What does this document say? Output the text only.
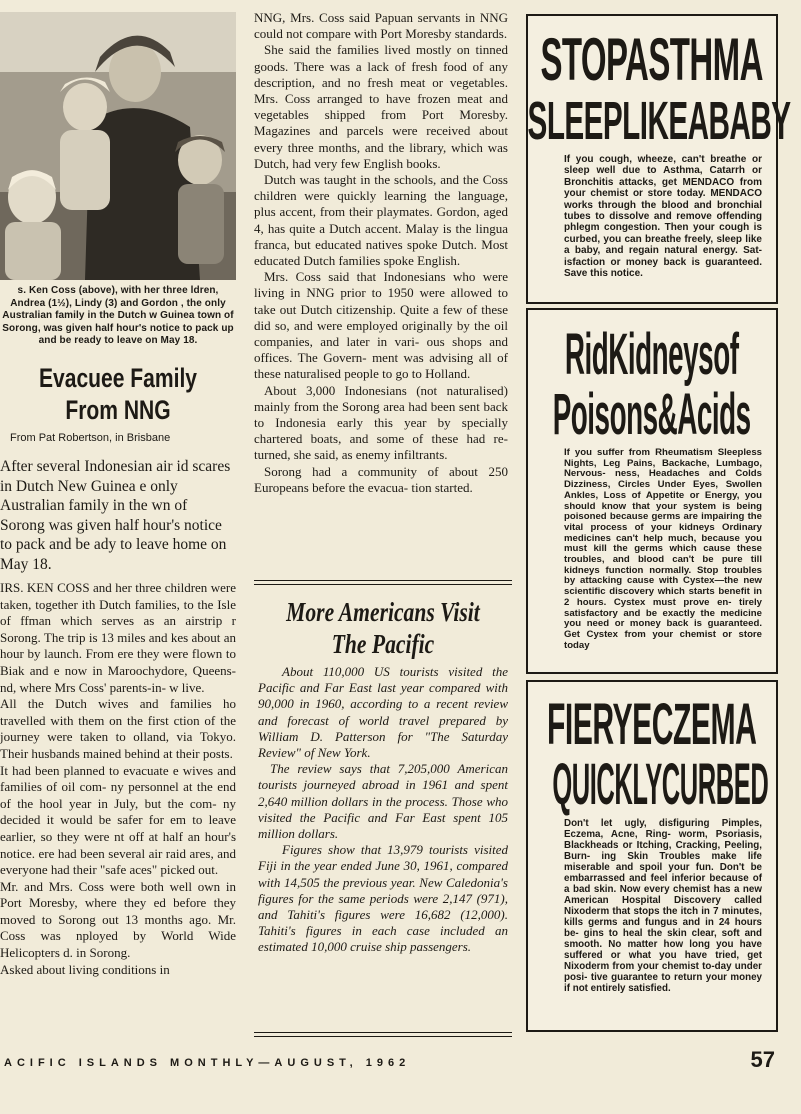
s. Ken Coss (above), with her three ldren, Andrea (1½), Lindy (3) and Gordon , the only Australian family in the Dutch w Guinea town of Sorong, was given half hour's notice to pack up and be ready to leave on May 18.
Evacuee Family
From NNG
From Pat Robertson, in Brisbane

After several Indonesian air id scares in Dutch New Guinea e only Australian family in the wn of Sorong was given half hour's notice to pack and be ady to leave home on May 18.

IRS. KEN COSS and her three children were taken, together ith Dutch families, to the Isle of ffman which serves as an airstrip r Sorong. The trip is 13 miles and kes about an hour by launch. From ere they were flown to Biak and e now in Maroochydore, Queens- nd, where Mrs Coss' parents-in- w live.

All the Dutch wives and families ho travelled with them on the first ction of the journey were taken to olland, via Tokyo. Their husbands mained behind at their posts.

It had been planned to evacuate e wives and families of oil com- ny personnel at the end of the hool year in July, but the com- ny decided it would be safer for em to leave earlier, so they were nt off at half an hour's notice. ere had been several air raid ares, and everyone had their "safe aces" picked out.

Mr. and Mrs. Coss were both well own in Port Moresby, where they ed before they moved to Sorong out 13 months ago. Mr. Coss was nployed by World Wide Helicopters d. in Sorong.

Asked about living conditions in

NNG, Mrs. Coss said Papuan servants in NNG could not compare with Port Moresby standards.

She said the families lived mostly on tinned goods. There was a lack of fresh food of any description, and no fresh meat or vegetables. Mrs. Coss arranged to have frozen meat and vegetables shipped from Port Moresby. Magazines and parcels were received about every three months, and the library, which was Dutch, had very few English books.

Dutch was taught in the schools, and the Coss children were quickly learning the language, plus accent, from their playmates. Gordon, aged 4, has quite a Dutch accent. Malay is the lingua franca, but educated natives spoke Dutch. Most educated Dutch families spoke English.

Mrs. Coss said that Indonesians who were living in NNG prior to 1950 were allowed to take out Dutch citizenship. Quite a few of these did so, and were employed originally by the oil companies, and later in vari- ous shops and offices. The Govern- ment was advising all of these naturalised people to go to Holland.

About 3,000 Indonesians (not naturalised) mainly from the Sorong area had been sent back to Indonesia early this year by specially chartered boats, and some of these had re- turned, she said, as enemy infiltrants.

Sorong had a community of about 250 Europeans before the evacua- tion started.

More Americans Visit
The Pacific

About 110,000 US tourists visited the Pacific and Far East last year compared with 90,000 in 1960, according to a recent review and forecast of world travel prepared by William D. Patterson for "The Saturday Review" of New York.

The review says that 7,205,000 American tourists journeyed abroad in 1961 and spent 2,640 million dollars in the process. Those who visited the Pacific and Far East spent 105 million dollars.

Figures show that 13,979 tourists visited Fiji in the year ended June 30, 1961, compared with 14,505 the previous year. New Caledonia's figures for the same periods were 2,147 (971), and Tahiti's figures were 16,682 (12,000). Tahiti's figures in each case included an estimated 10,000 cruise ship passengers.

STOPASTHMA
SLEEPLIKEABABY
If you cough, wheeze, can't breathe or sleep well due to Asthma, Catarrh or Bronchitis attacks, get MENDACO from your chemist or store today. MENDACO works through the blood and bronchial tubes to dissolve and remove offending phlegm congestion. Then your cough is curbed, you can breathe freely, sleep like a baby, and regain natural energy. Sat- isfaction or money back is guaranteed. Save this notice.
RidKidneysof
Poisons&Acids
If you suffer from Rheumatism Sleepless Nights, Leg Pains, Backache, Lumbago, Nervous- ness, Headaches and Colds Dizziness, Circles Under Eyes, Swollen Ankles, Loss of Appetite or Energy, you should know that your system is being poisoned because germs are impairing the vital process of your kidneys Ordinary medicines can't help much, because you must kill the germs which cause these troubles, and blood can't be pure till kidneys function normally. Stop troubles by attacking cause with Cystex—the new scientific discovery which starts benefit in 2 hours. Cystex must prove en- tirely satisfactory and be exactly the medicine you need or money back is guaranteed. Get Cystex from your chemist or store today
FIERYECZEMA
QUICKLYCURBED
Don't let ugly, disfiguring Pimples, Eczema, Acne, Ring- worm, Psoriasis, Blackheads or Itching, Cracking, Peeling, Burn- ing Skin Troubles make life miserable and spoil your fun. Don't be embarrassed and feel inferior because of a bad skin. Now every chemist has a new American Hospital Discovery called Nixoderm that stops the itch in 7 minutes, kills germs and fungus and in 24 hours be- gins to heal the skin clear, soft and smooth. No matter how long you have suffered or what you have tried, get Nixoderm from your chemist to-day under posi- tive guarantee to return your money if not entirely satisfied.
ACIFIC ISLANDS MONTHLY—AUGUST, 1962	57
